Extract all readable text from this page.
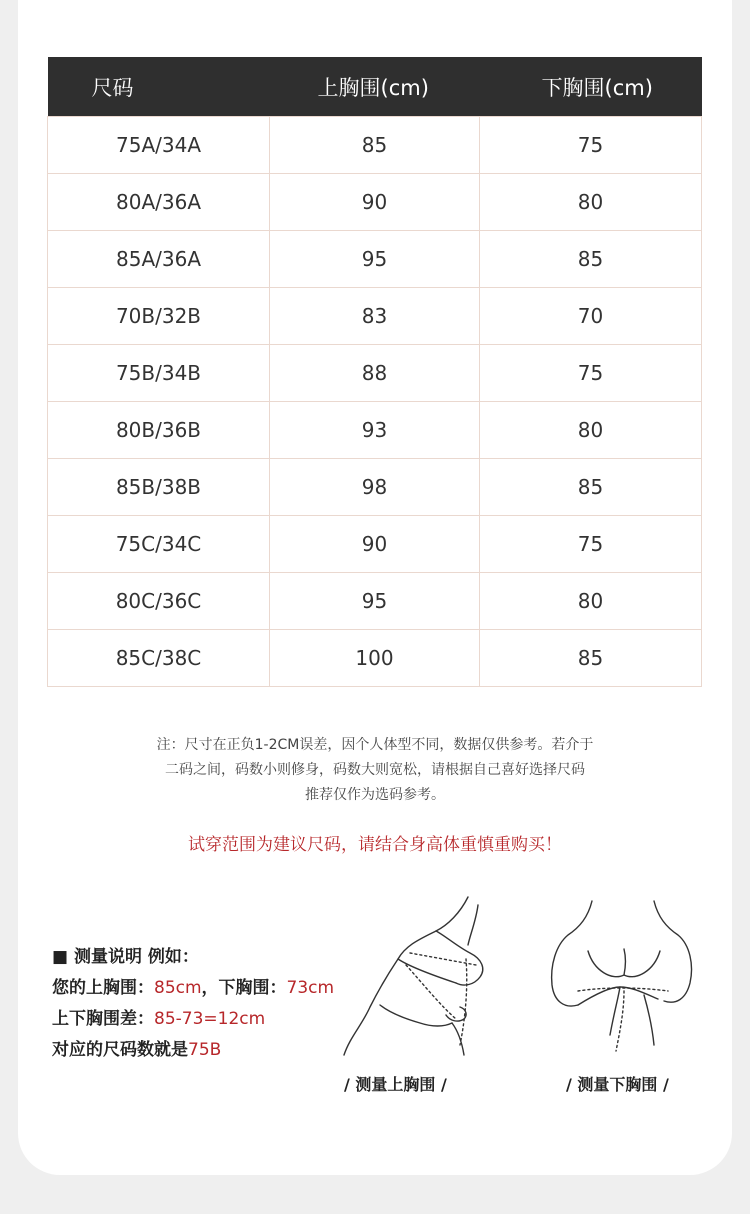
尺码	上胸围(cm)	下胸围(cm)
75A/34A	85	75
80A/36A	90	80
85A/36A	95	85
70B/32B	83	70
75B/34B	88	75
80B/36B	93	80
85B/38B	98	85
75C/34C	90	75
80C/36C	95	80
85C/38C	100	85
注：尺寸在正负1-2CM误差，因个人体型不同，数据仅供参考。若介于
二码之间，码数小则修身，码数大则宽松，请根据自己喜好选择尺码
推荐仅作为选码参考。
试穿范围为建议尺码，请结合身高体重慎重购买！
■ 测量说明 例如：
您的上胸围：85cm，下胸围：73cm
上下胸围差：85-73=12cm
对应的尺码数就是75B
/ 测量上胸围 /	/ 测量下胸围 /
